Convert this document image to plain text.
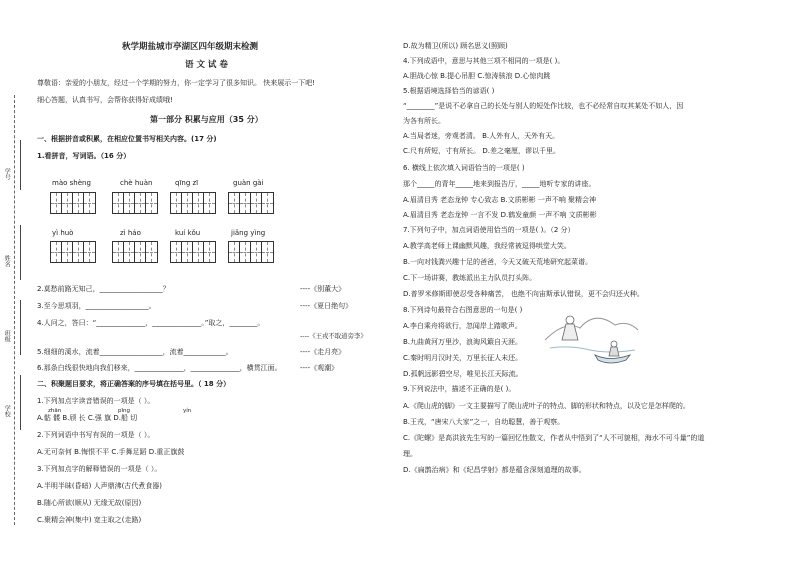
学号
姓名
班级
学校
秋学期盐城市亭湖区四年级期末检测
语 文 试 卷
尊敬语：亲爱的小朋友，经过一个学期的努力，你一定学习了很多知识。 快来展示一下吧!
细心答题，认真书写，会帮你获得好成绩哦!
第一部分 积累与应用（35 分）
一、根据拼音或积累，在相应位置书写相关内容。(17 分)
1.看拼音，写词语。（16 分）
mào shèng	chè huàn	qīng zī	guàn gài
yì huò	zì háo	kuí kǒu	jiǎng yìng
2.莫愁前路无知己，__________________？	----《别董大》
3.至今思项羽，__________________。	----《夏日绝句》
4.人问之，答曰：“______________，______________。”取之，________。
----《王戎不取道旁李》
5.细细的溪水，流着__________________，流着____________。	----《走月亮》
6.那条白线很快地向我们移来，______________，______________，横贯江面。	----《观潮》
二、积聚题目要求，将正确答案的序号填在括号里。（ 18 分）
1.下列加点字读音错误的一项是（ ）。
zhān	pīng	yín
A.骷 髅 B.颀 长 C.强 旗 D.船 切
2.下列词语中书写有误的一项是（ ）。
A.无可奈何 B.悔恨不平 C.手舞足蹈 D.重正旗鼓
3.下列加点字的解释错误的一项是（ ）。
A.半明半昧(昏暗) 人声鼎沸(古代煮食器)
B.随心所欲(顺从) 无缘无故(原因)
C.聚精会神(集中) 宽主取之(走路)
D.故为精卫(所以) 顾名思义(照顾)
4.下列成语中，意思与其他三项不相同的一项是( )。
A.胆战心惊 B.提心吊胆 C.惊涛骇浪 D.心惊肉跳
5.根据语境选择恰当的谚语( )
“________”是说不必拿自己的长处与别人的短处作比较，也不必经常自叹其某处不如人，因
为各有所长。
A.当局者迷，旁观者清。 B.人外有人，天外有天。
C.尺有所短，寸有所长。 D.差之毫厘，谬以千里。
6. 横线上依次填入词语恰当的一项是( )
那个_____的青年_____地来到报告厅，_____地听专家的讲座。
A.眉清目秀 老态龙钟 专心致志 B.文质彬彬 一声不响 聚精会神
A.眉清目秀 老态龙钟 一言不发 D.鹤发童颜 一声不响 文质彬彬
7.下列句子中，加点词语使用恰当的一项是( )。（2 分）
A.教学高老师上课幽默风趣，我经常被逗得哄堂大笑。
B.一向对钱粪兴趣十足的爸爸，今天又破天荒地研究起菜谱。
C.下一场讲赛，教练派出主力队员打头阵。
D.普罗米修斯即使忍受各种痛苦， 也绝不向宙斯承认错误，更不会归还火种。
8.下列诗句最符合右图意思的一句是( )
A.李白乘舟将欲行，忽闻岸上踏歌声。
B.九曲黄河万里沙，浪淘风簸自天涯。
C.秦时明月汉时关，万里长征人未还。
D.孤帆远影碧空尽，唯见长江天际流。
9.下列说法中，描述不正确的是( )。
A.《爬山虎的脚》一文主要描写了爬山虎叶子的特点、脚的形状和特点，以及它是怎样爬的。
B.王戎，“唐宋八大家”之一，自幼聪慧，善于观察。
C.《陀螺》是高洪波先生写的一篇回忆性散文，作者从中悟到了“人不可貌相，海水不可斗量”的道
理。
D.《扁鹊治病》和《纪昌学射》都是蕴含深刻道理的故事。
